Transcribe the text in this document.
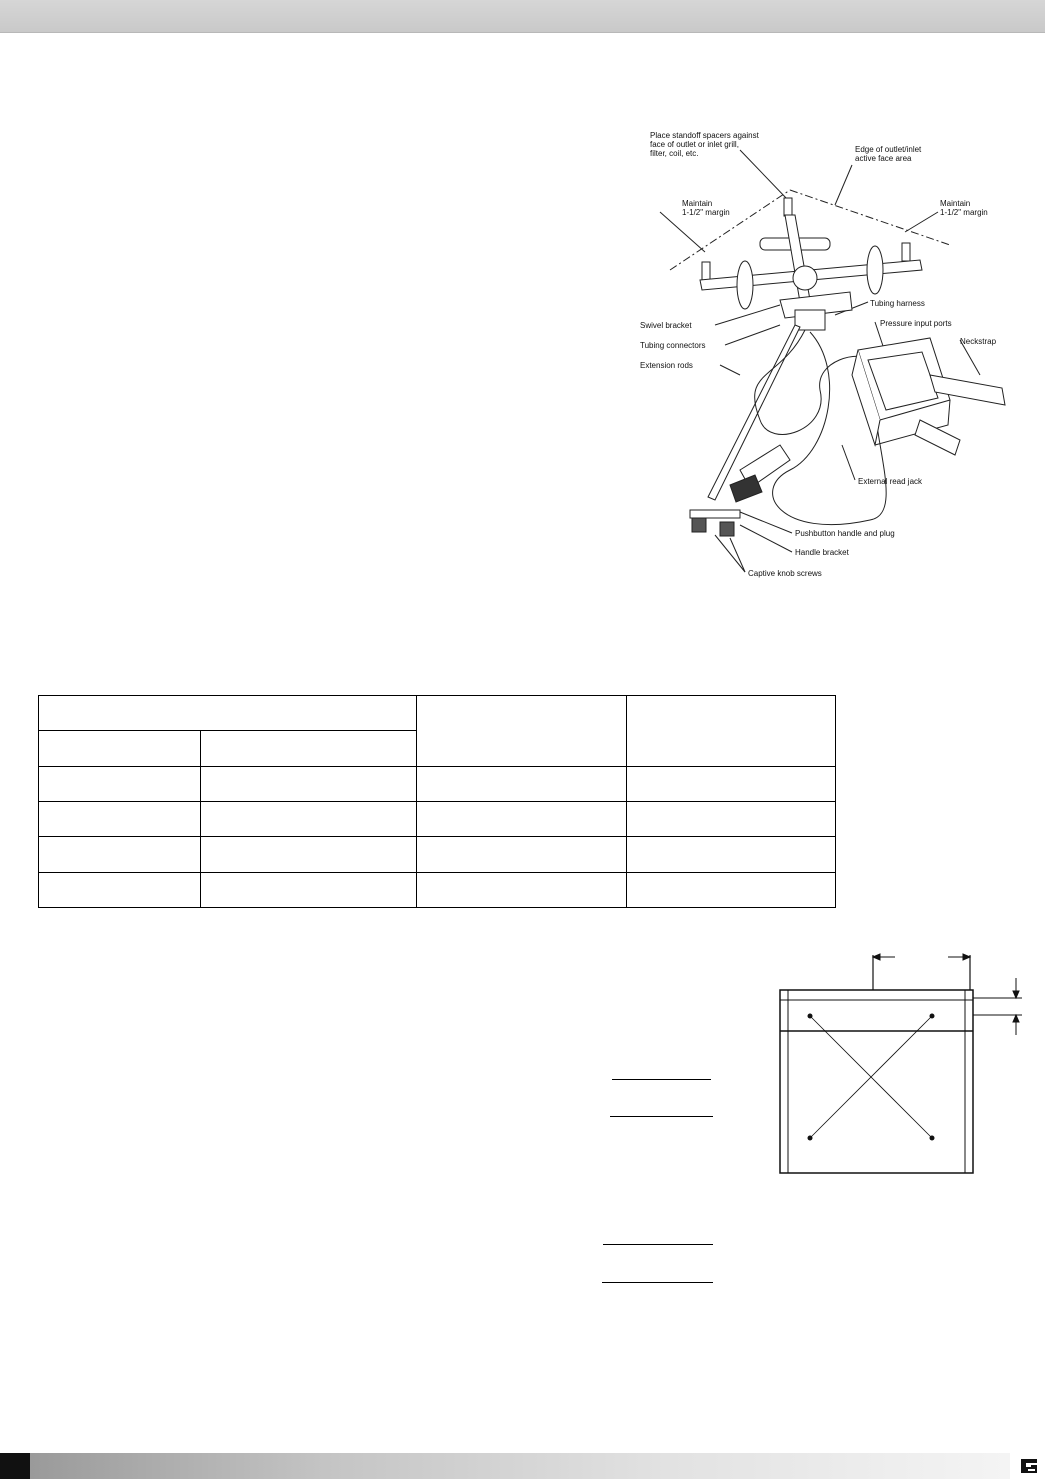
Place standoff spacers against
face of outlet or inlet grill,
filter, coil, etc.	Edge of outlet/inlet
active face area
Maintain
1-1/2" margin
Maintain
1-1/2" margin
Tubing harness
Swivel bracket	Pressure input ports
Neckstrap
Tubing connectors
Extension rods
External read jack
Pushbutton handle and plug
Handle bracket
Captive knob screws
